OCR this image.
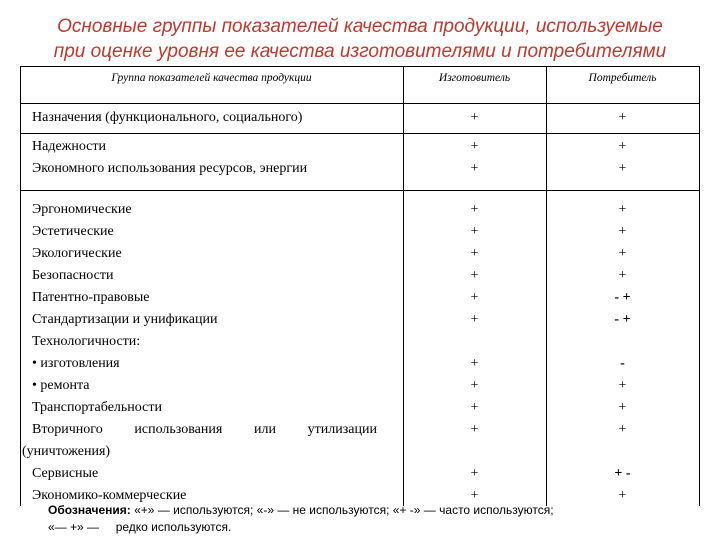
Основные группы показателей качества продукции, используемые
при оценке уровня ее качества изготовителями и потребителями
Группа показателей качества продукции	Изготовитель	Потребитель
Назначения (функционального, социального)	+	+
Надежности	+	+
Экономного использования ресурсов, энергии	+	+
Эргономические	+	+
Эстетические	+	+
Экологические	+	+
Безопасности	+	+
Патентно-правовые	+	- +
Стандартизации и унификации	+	- +
Технологичности:
• изготовления	+	-
• ремонта	+	+
Транспортабельности	+	+
Вторичного использования или утилизации	+	+
(уничтожения)
Сервисные	+	+ -
Экономико-коммерческие	+	+
Обозначения: «+» — используются; «-» — не используются; «+ -» — часто используются;
«— +» —     редко используются.
